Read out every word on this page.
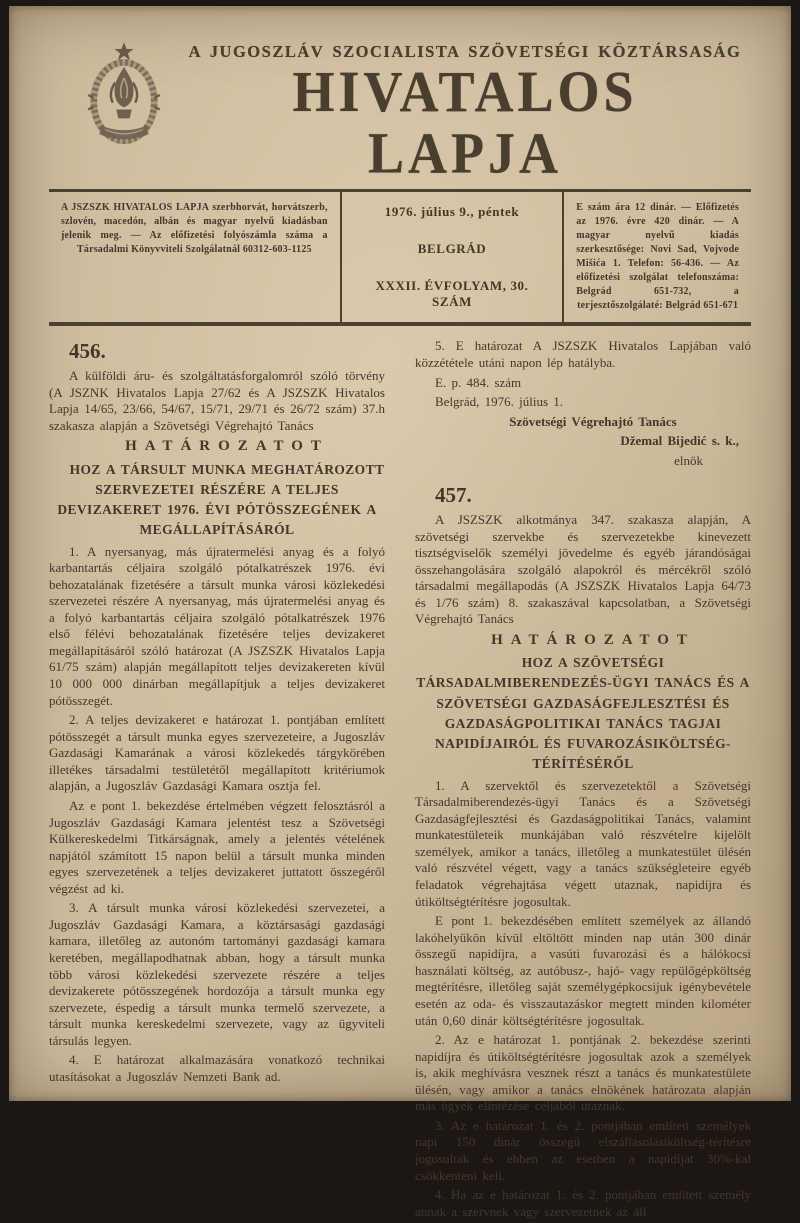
A JUGOSZLÁV SZOCIALISTA SZÖVETSÉGI KÖZTÁRSASÁG
HIVATALOS LAPJA
A JSZSZK HIVATALOS LAPJA szerbhorvát, horvátszerb, szlovén, macedón, albán és magyar nyelvű kiadásban jelenik meg. — Az előfizetési folyószámla száma a Társadalmi Könyvviteli Szolgálatnál 60312-603-1125
1976. július 9., péntek
BELGRÁD
XXXII. ÉVFOLYAM, 30. SZÁM
E szám ára 12 dinár. — Előfizetés az 1976. évre 420 dinár. — A magyar nyelvű kiadás szerkesztősége: Novi Sad, Vojvode Mišića 1. Telefon: 56-436. — Az előfizetési szolgálat telefonszáma: Belgrád 651-732, a terjesztőszolgálaté: Belgrád 651-671

456.

A külföldi áru- és szolgáltatásforgalomról szóló törvény (A JSZNK Hivatalos Lapja 27/62 és A JSZSZK Hivatalos Lapja 14/65, 23/66, 54/67, 15/71, 29/71 és 26/72 szám) 37.h szakasza alapján a Szövetségi Végrehajtó Tanács

HATÁROZATOT

HOZ A TÁRSULT MUNKA MEGHATÁROZOTT SZERVEZETEI RÉSZÉRE A TELJES DEVIZAKERET 1976. ÉVI PÓTÖSSZEGÉNEK A MEGÁLLAPÍTÁSÁRÓL

1. A nyersanyag, más újratermelési anyag és a folyó karbantartás céljaira szolgáló pótalkatrészek 1976. évi behozatalának fizetésére a társult munka városi közlekedési szervezetei részére A nyersanyag, más újratermelési anyag és a folyó karbantartás céljaira szolgáló pótalkatrészek 1976 első félévi behozatalának fizetésére teljes devizakeret megállapításáról szóló határozat (A JSZSZK Hivatalos Lapja 61/75 szám) alapján megállapított teljes devizakereten kívül 10 000 000 dinárban megállapítjuk a teljes devizakeret pótösszegét.

2. A teljes devizakeret e határozat 1. pontjában említett pótösszegét a társult munka egyes szervezeteire, a Jugoszláv Gazdasági Kamarának a városi közlekedés tárgykörében illetékes társadalmi testületétől megállapított kritériumok alapján, a Jugoszláv Gazdasági Kamara osztja fel.

Az e pont 1. bekezdése értelmében végzett felosztásról a Jugoszláv Gazdasági Kamara jelentést tesz a Szövetségi Külkereskedelmi Titkárságnak, amely a jelentés vételének napjától számított 15 napon belül a társult munka minden egyes szervezetének a teljes devizakeret juttatott összegéről végzést ad ki.

3. A társult munka városi közlekedési szervezetei, a Jugoszláv Gazdasági Kamara, a köztársasági gazdasági kamara, illetőleg az autonóm tartományi gazdasági kamara keretében, megállapodhatnak abban, hogy a társult munka több városi közlekedési szervezete részére a teljes devizakerete pótösszegének hordozója a társult munka egy szervezete, éspedig a társult munka termelő szervezete, a társult munka kereskedelmi szervezete, vagy az ügyviteli társulás legyen.

4. E határozat alkalmazására vonatkozó technikai utasításokat a Jugoszláv Nemzeti Bank ad.

5. E határozat A JSZSZK Hivatalos Lapjában való közzététele utáni napon lép hatályba.

E. p. 484. szám

Belgrád, 1976. július 1.

Szövetségi Végrehajtó Tanács

Džemal Bijedić s. k.,

elnök

457.

A JSZSZK alkotmánya 347. szakasza alapján, A szövetségi szervekbe és szervezetekbe kinevezett tisztségviselők személyi jövedelme és egyéb járandóságai összehangolására szolgáló alapokról és mércékről szóló társadalmi megállapodás (A JSZSZK Hivatalos Lapja 64/73 és 1/76 szám) 8. szakaszával kapcsolatban, a Szövetségi Végrehajtó Tanács

HATÁROZATOT

HOZ A SZÖVETSÉGI TÁRSADALMIBERENDEZÉS-ÜGYI TANÁCS ÉS A SZÖVETSÉGI GAZDASÁGFEJLESZTÉSI ÉS GAZDASÁGPOLITIKAI TANÁCS TAGJAI NAPIDÍJAIRÓL ÉS FUVAROZÁSIKÖLTSÉG-TÉRÍTÉSÉRŐL

1. A szervektől és szervezetektől a Szövetségi Társadalmiberendezés-ügyi Tanács és a Szövetségi Gazdaságfejlesztési és Gazdaságpolitikai Tanács, valamint munkatestületeik munkájában való részvételre kijelölt személyek, amikor a tanács, illetőleg a munkatestület ülésén való részvétel végett, vagy a tanács szükségleteire egyéb feladatok végrehajtása végett utaznak, napidíjra és útiköltségtérítésre jogosultak.

E pont 1. bekezdésében említett személyek az állandó lakóhelyükön kívül eltöltött minden nap után 300 dinár összegű napidíjra, a vasúti fuvarozási és a hálókocsi használati költség, az autóbusz-, hajó- vagy repülőgépköltség megtérítésre, illetőleg saját személygépkocsijuk igénybevétele esetén az oda- és visszautazáskor megtett minden kilométer után 0,60 dinár költségtérítésre jogosultak.

2. Az e határozat 1. pontjának 2. bekezdése szerinti napidíjra és útiköltségtérítésre jogosultak azok a személyek is, akik meghívásra vesznek részt a tanács és munkatestülete ülésén, vagy amikor a tanács elnökének határozata alapján más ügyek elintézése céljából utaznak.

3. Az e határozat 1. és 2. pontjában említett személyek napi 150 dinár összegű elszállásolásiköltség-térítésre jogosultak és ebben az esetben a napidíjat 30%-kal csökkenteni kell.

4. Ha az e határozat 1. és 2. pontjában említett személy annak a szervnek vagy szervezetnek az áll
